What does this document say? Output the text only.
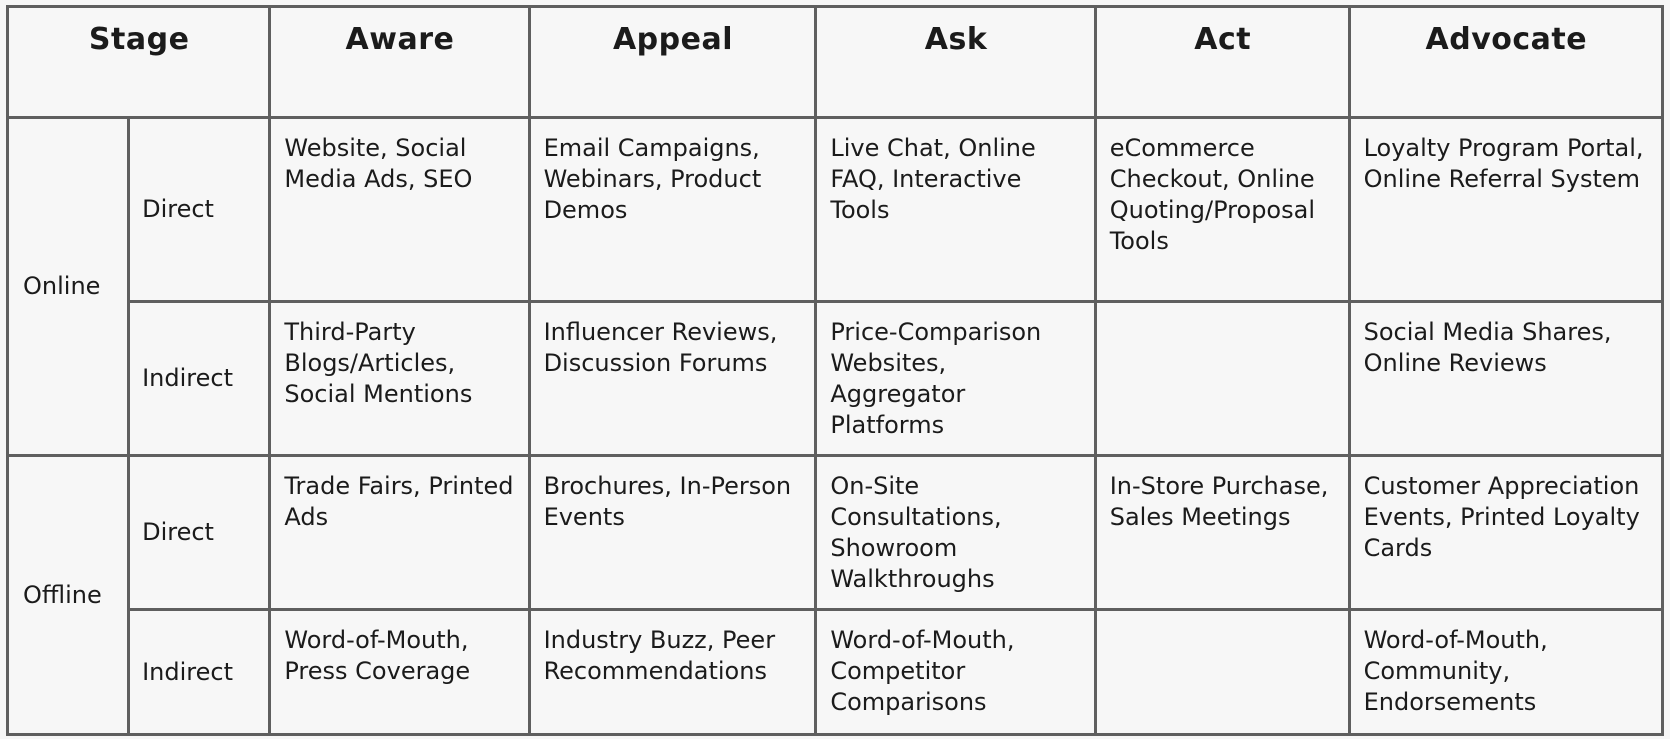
Stage		Aware	Appeal	Ask	Act	Advocate
Online	Direct	Website, Social Media Ads, SEO	Email Campaigns, Webinars, Product Demos	Live Chat, Online FAQ, Interactive Tools	eCommerce Checkout, Online Quoting/Proposal Tools	Loyalty Program Portal, Online Referral System
	Indirect	Third-Party Blogs/Articles, Social Mentions	Influencer Reviews, Discussion Forums	Price-Comparison Websites, Aggregator Platforms		Social Media Shares, Online Reviews
Offline	Direct	Trade Fairs, Printed Ads	Brochures, In-Person Events	On-Site Consultations, Showroom Walkthroughs	In-Store Purchase, Sales Meetings	Customer Appreciation Events, Printed Loyalty Cards
	Indirect	Word-of-Mouth, Press Coverage	Industry Buzz, Peer Recommendations	Word-of-Mouth, Competitor Comparisons		Word-of-Mouth, Community, Endorsements
